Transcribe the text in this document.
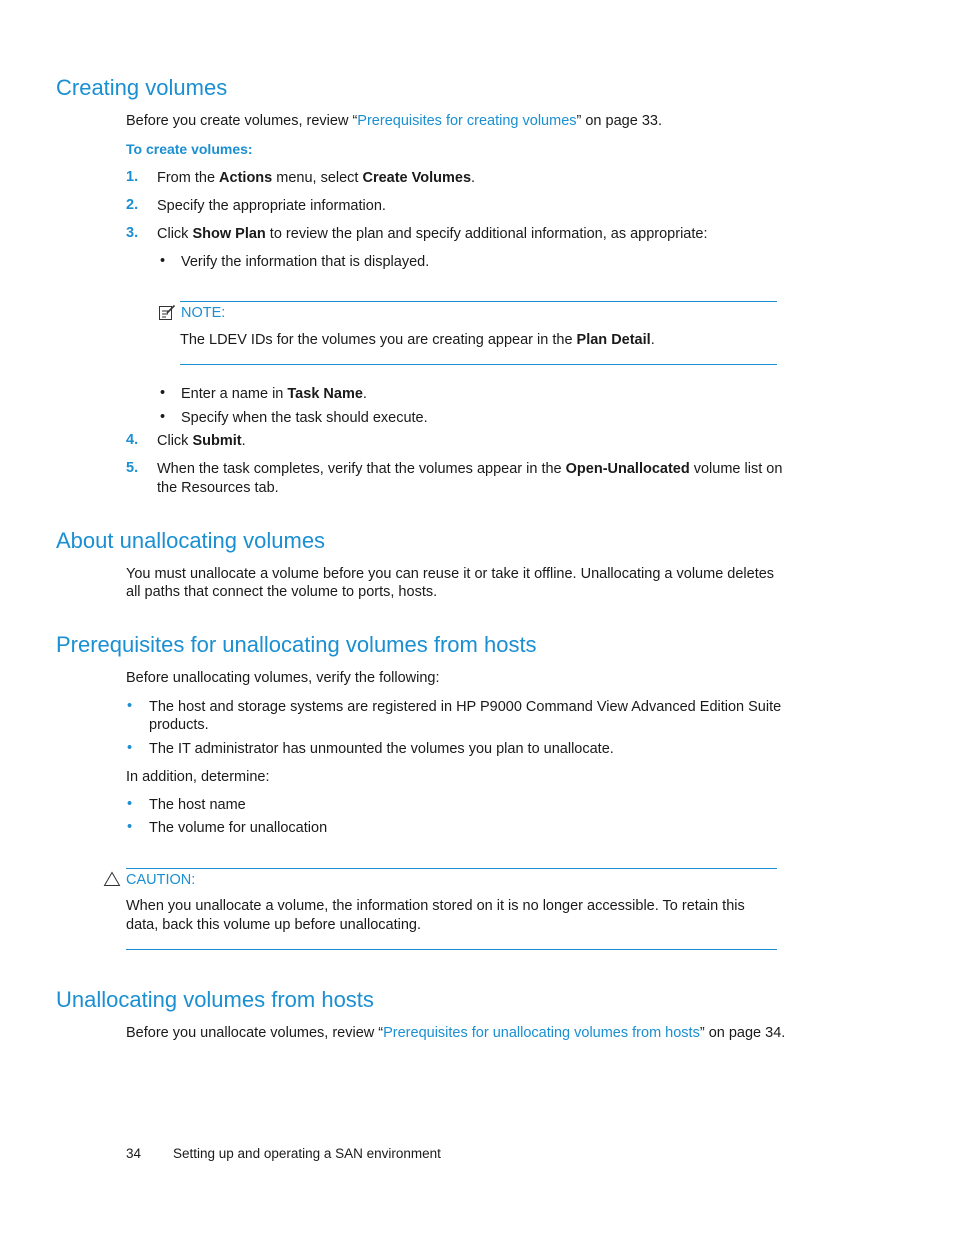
Creating volumes
Before you create volumes, review “Prerequisites for creating volumes” on page 33.
To create volumes:
1. From the Actions menu, select Create Volumes.
2. Specify the appropriate information.
3. Click Show Plan to review the plan and specify additional information, as appropriate:
• Verify the information that is displayed.
NOTE:
The LDEV IDs for the volumes you are creating appear in the Plan Detail.
• Enter a name in Task Name.
• Specify when the task should execute.
4. Click Submit.
5. When the task completes, verify that the volumes appear in the Open-Unallocated volume list on
the Resources tab.
About unallocating volumes
You must unallocate a volume before you can reuse it or take it offline. Unallocating a volume deletes
all paths that connect the volume to ports, hosts.
Prerequisites for unallocating volumes from hosts
Before unallocating volumes, verify the following:
• The host and storage systems are registered in HP P9000 Command View Advanced Edition Suite
products.
• The IT administrator has unmounted the volumes you plan to unallocate.
In addition, determine:
• The host name
• The volume for unallocation
CAUTION:
When you unallocate a volume, the information stored on it is no longer accessible. To retain this
data, back this volume up before unallocating.
Unallocating volumes from hosts
Before you unallocate volumes, review “Prerequisites for unallocating volumes from hosts” on page 34.
34 Setting up and operating a SAN environment
